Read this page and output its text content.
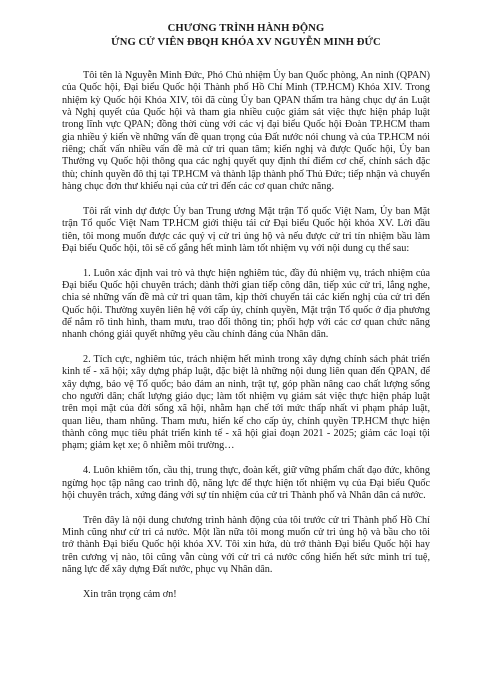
CHƯƠNG TRÌNH HÀNH ĐỘNG
ỨNG CỬ VIÊN ĐBQH KHÓA XV NGUYỄN MINH ĐỨC

Tôi tên là Nguyễn Minh Đức, Phó Chủ nhiệm Ủy ban Quốc phòng, An ninh (QPAN) của Quốc hội, Đại biểu Quốc hội Thành phố Hồ Chí Minh (TP.HCM) Khóa XIV. Trong nhiệm kỳ Quốc hội Khóa XIV, tôi đã cùng Ủy ban QPAN thẩm tra hàng chục dự án Luật và Nghị quyết của Quốc hội và tham gia nhiều cuộc giám sát việc thực hiện pháp luật trong lĩnh vực QPAN; đồng thời cùng với các vị đại biểu Quốc hội Đoàn TP.HCM tham gia nhiều ý kiến về những vấn đề quan trọng của Đất nước nói chung và của TP.HCM nói riêng; chất vấn nhiều vấn đề mà cử tri quan tâm; kiến nghị và được Quốc hội, Ủy ban Thường vụ Quốc hội thông qua các nghị quyết quy định thí điểm cơ chế, chính sách đặc thù; chính quyền đô thị tại TP.HCM và thành lập thành phố Thủ Đức; tiếp nhận và chuyển hàng chục đơn thư khiếu nại của cử tri đến các cơ quan chức năng.

Tôi rất vinh dự được Ủy ban Trung ương Mặt trận Tổ quốc Việt Nam, Ủy ban Mặt trận Tổ quốc Việt Nam TP.HCM giới thiệu tái cử Đại biểu Quốc hội khóa XV. Lời đầu tiên, tôi mong muốn được các quý vị cử tri ủng hộ và nếu được cử tri tín nhiệm bầu làm Đại biểu Quốc hội, tôi sẽ cố gắng hết mình làm tốt nhiệm vụ với nội dung cụ thể sau:

1. Luôn xác định vai trò và thực hiện nghiêm túc, đầy đủ nhiệm vụ, trách nhiệm của Đại biểu Quốc hội chuyên trách; dành thời gian tiếp công dân, tiếp xúc cử tri, lắng nghe, chia sẻ những vấn đề mà cử tri quan tâm, kịp thời chuyển tải các kiến nghị của cử tri đến Quốc hội. Thường xuyên liên hệ với cấp ủy, chính quyền, Mặt trận Tổ quốc ở địa phương để nắm rõ tình hình, tham mưu, trao đổi thông tin; phối hợp với các cơ quan chức năng nhanh chóng giải quyết những yêu cầu chính đáng của Nhân dân.

2. Tích cực, nghiêm túc, trách nhiệm hết mình trong xây dựng chính sách phát triển kinh tế - xã hội; xây dựng pháp luật, đặc biệt là những nội dung liên quan đến QPAN, để xây dựng, bảo vệ Tổ quốc; bảo đảm an ninh, trật tự, góp phần nâng cao chất lượng sống cho người dân; chất lượng giáo dục; làm tốt nhiệm vụ giám sát việc thực hiện pháp luật trên mọi mặt của đời sống xã hội, nhằm hạn chế tới mức thấp nhất vi phạm pháp luật, quan liêu, tham nhũng. Tham mưu, hiến kế cho cấp ủy, chính quyền TP.HCM thực hiện thành công mục tiêu phát triển kinh tế - xã hội giai đoạn 2021 - 2025; giảm các loại tội phạm; giảm kẹt xe; ô nhiễm môi trường…

4. Luôn khiêm tốn, cầu thị, trung thực, đoàn kết, giữ vững phẩm chất đạo đức, không ngừng học tập nâng cao trình độ, năng lực để thực hiện tốt nhiệm vụ của Đại biểu Quốc hội chuyên trách, xứng đáng với sự tín nhiệm của cử tri Thành phố và Nhân dân cả nước.

Trên đây là nội dung chương trình hành động của tôi trước cử tri Thành phố Hồ Chí Minh cũng như cử tri cả nước. Một lần nữa tôi mong muốn cử tri ủng hộ và bầu cho tôi trở thành Đại biểu Quốc hội khóa XV. Tôi xin hứa, dù trở thành Đại biểu Quốc hội hay trên cương vị nào, tôi cũng vẫn cùng với cử tri cả nước cống hiến hết sức mình trí tuệ, năng lực để xây dựng Đất nước, phục vụ Nhân dân.

Xin trân trọng cảm ơn!
